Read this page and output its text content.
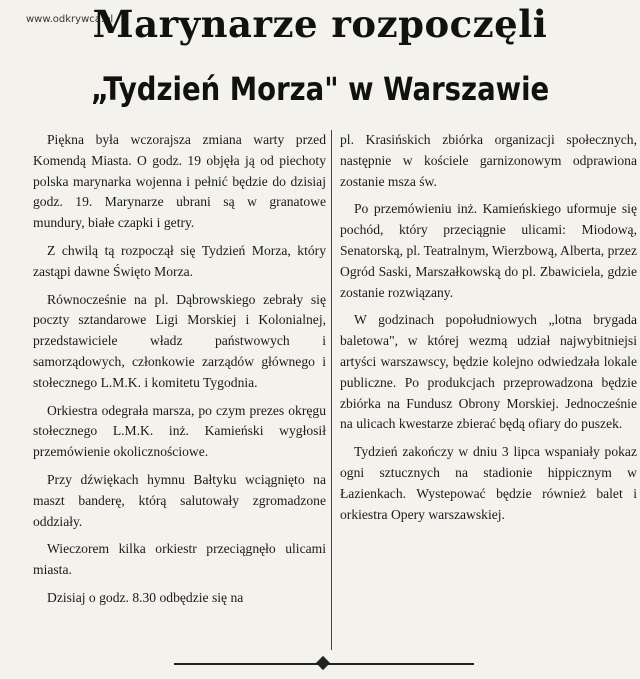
www.odkrywca.pl
Marynarze rozpoczęli
„Tydzień Morza" w Warszawie

Piękna była wczorajsza zmiana warty przed Komendą Miasta. O godz. 19 objęła ją od piechoty polska marynarka wojenna i pełnić będzie do dzisiaj godz. 19. Marynarze ubrani są w granatowe mundury, białe czapki i getry.

Z chwilą tą rozpoczął się Tydzień Morza, który zastąpi dawne Święto Morza.

Równocześnie na pl. Dąbrowskiego zebrały się poczty sztandarowe Ligi Morskiej i Kolonialnej, przedstawiciele władz państwowych i samorządowych, członkowie zarządów głównego i stołecznego L.M.K. i komitetu Tygodnia.

Orkiestra odegrała marsza, po czym prezes okręgu stołecznego L.M.K. inż. Kamieński wygłosił przemówienie okolicznościowe.

Przy dźwiękach hymnu Bałtyku wciągnięto na maszt banderę, którą salutowały zgromadzone oddziały.

Wieczorem kilka orkiestr przeciągnęło ulicami miasta.

Dzisiaj o godz. 8.30 odbędzie się na

pl. Krasińskich zbiórka organizacji społecznych, następnie w kościele garnizonowym odprawiona zostanie msza św.

Po przemówieniu inż. Kamieńskiego uformuje się pochód, który przeciągnie ulicami: Miodową, Senatorską, pl. Teatralnym, Wierzbową, Alberta, przez Ogród Saski, Marszałkowską do pl. Zbawiciela, gdzie zostanie rozwiązany.

W godzinach popołudniowych „lotna brygada baletowa", w której wezmą udział najwybitniejsi artyści warszawscy, będzie kolejno odwiedzała lokale publiczne. Po produkcjach przeprowadzona będzie zbiórka na Fundusz Obrony Morskiej. Jednocześnie na ulicach kwestarze zbierać będą ofiary do puszek.

Tydzień zakończy w dniu 3 lipca wspaniały pokaz ogni sztucznych na stadionie hippicznym w Łazienkach. Wystepować będzie również balet i orkiestra Opery warszawskiej.
